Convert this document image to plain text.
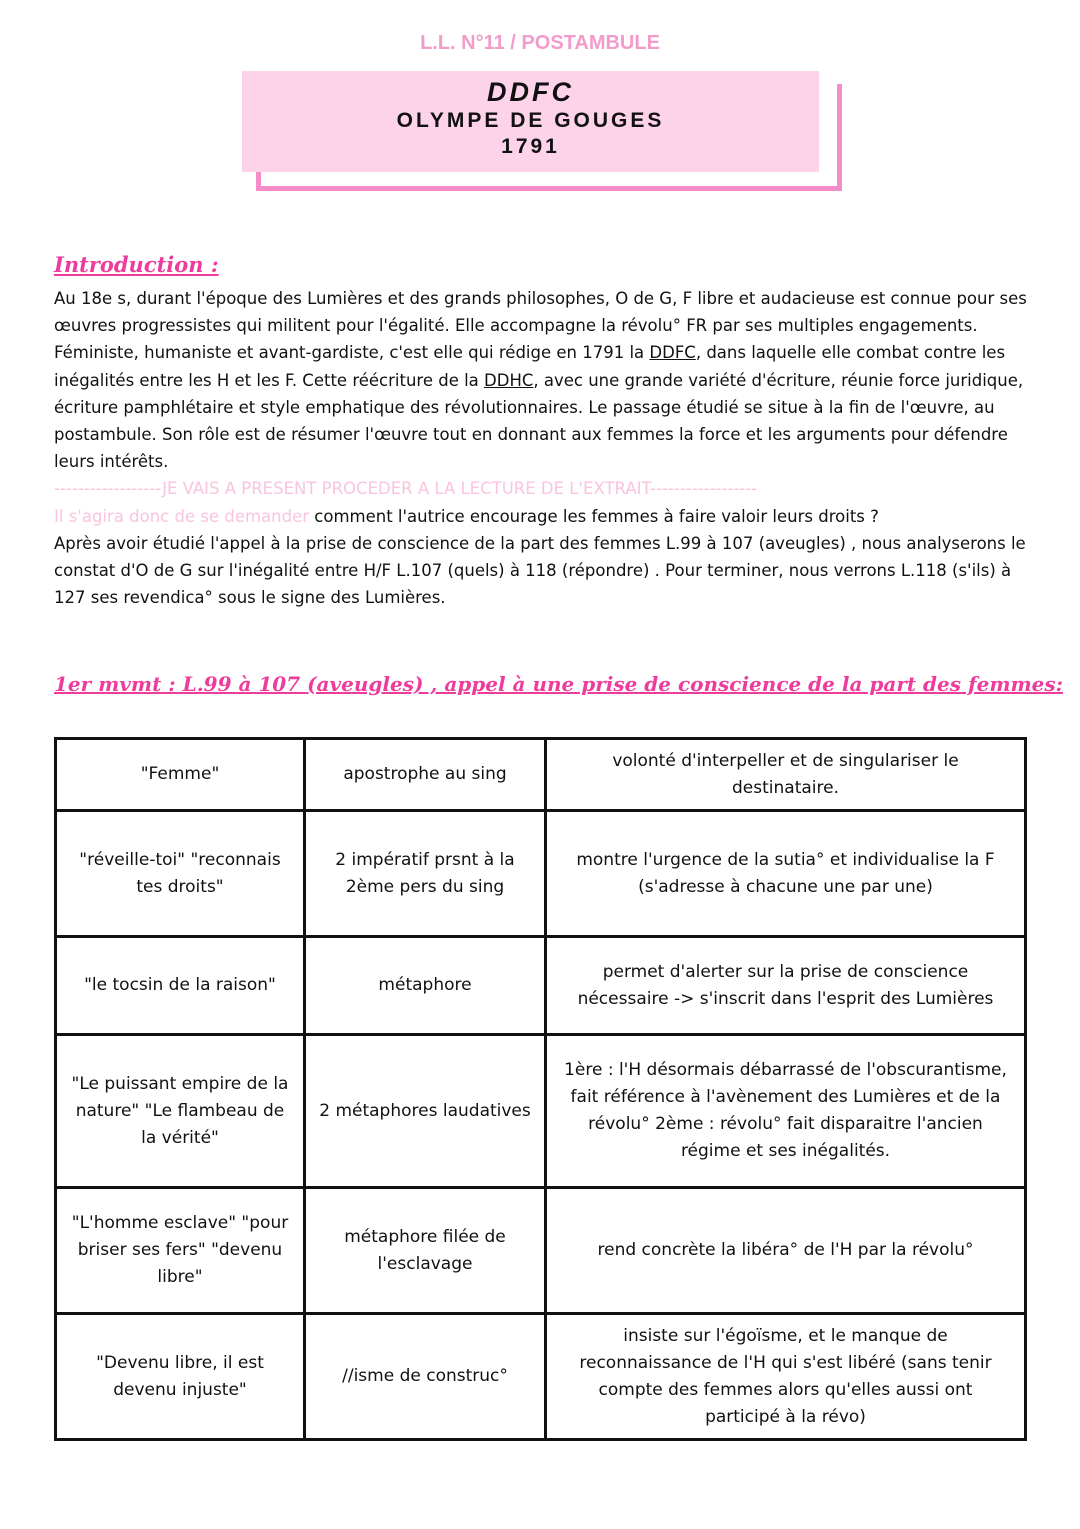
L.L. N°11 / POSTAMBULE
DDFC
OLYMPE DE GOUGES
1791
Introduction :
Au 18e s, durant l'époque des Lumières et des grands philosophes, O de G, F libre et audacieuse est connue pour ses œuvres progressistes qui militent pour l'égalité. Elle accompagne la révolu° FR par ses multiples engagements. Féministe, humaniste et avant-gardiste, c'est elle qui rédige en 1791 la DDFC, dans laquelle elle combat contre les inégalités entre les H et les F. Cette réécriture de la DDHC, avec une grande variété d'écriture, réunie force juridique, écriture pamphlétaire et style emphatique des révolutionnaires. Le passage étudié se situe à la fin de l'œuvre, au postambule. Son rôle est de résumer l'œuvre tout en donnant aux femmes la force et les arguments pour défendre leurs intérêts.
------------------JE VAIS A PRESENT PROCEDER A LA LECTURE DE L'EXTRAIT------------------
Il s'agira donc de se demander comment l'autrice encourage les femmes à faire valoir leurs droits ?
Après avoir étudié l'appel à la prise de conscience de la part des femmes L.99 à 107 (aveugles) , nous analyserons le constat d'O de G sur l'inégalité entre H/F L.107 (quels) à 118 (répondre) . Pour terminer, nous verrons L.118 (s'ils) à 127 ses revendica° sous le signe des Lumières.
1er mvmt : L.99 à 107 (aveugles) , appel à une prise de conscience de la part des femmes:
"Femme"	apostrophe au sing	volonté d'interpeller et de singulariser le destinataire.
"réveille-toi" "reconnais tes droits"	2 impératif prsnt à la 2ème pers du sing	montre l'urgence de la sutia° et individualise la F (s'adresse à chacune une par une)
"le tocsin de la raison"	métaphore	permet d'alerter sur la prise de conscience nécessaire -> s'inscrit dans l'esprit des Lumières
"Le puissant empire de la nature" "Le flambeau de la vérité"	2 métaphores laudatives	1ère : l'H désormais débarrassé de l'obscurantisme, fait référence à l'avènement des Lumières et de la révolu° 2ème : révolu° fait disparaitre l'ancien régime et ses inégalités.
"L'homme esclave" "pour briser ses fers" "devenu libre"	métaphore filée de l'esclavage	rend concrète la libéra° de l'H par la révolu°
"Devenu libre, il est devenu injuste"	//isme de construc°	insiste sur l'égoïsme, et le manque de reconnaissance de l'H qui s'est libéré (sans tenir compte des femmes alors qu'elles aussi ont participé à la révo)
